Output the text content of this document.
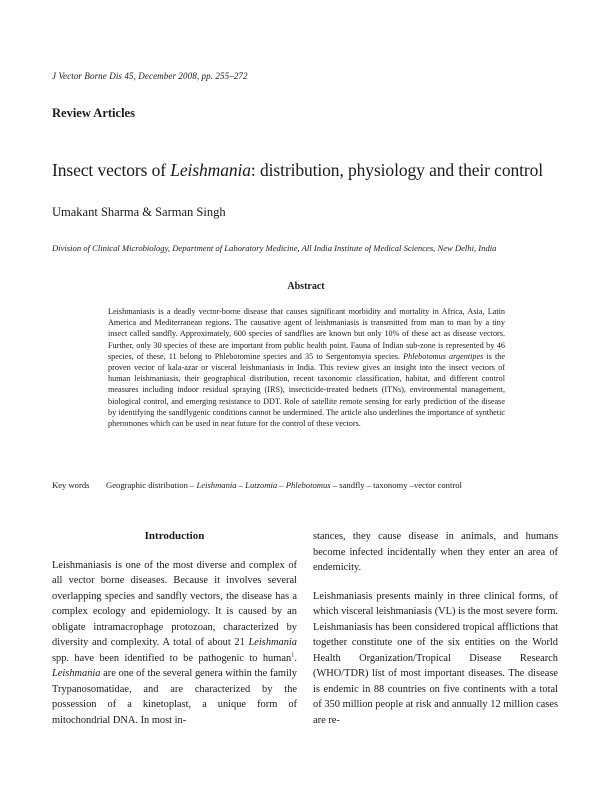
J Vector Borne Dis 45, December 2008, pp. 255–272
Review Articles
Insect vectors of Leishmania: distribution, physiology and their control
Umakant Sharma & Sarman Singh
Division of Clinical Microbiology, Department of Laboratory Medicine, All India Institute of Medical Sciences, New Delhi, India
Abstract
Leishmaniasis is a deadly vector-borne disease that causes significant morbidity and mortality in Africa, Asia, Latin America and Mediterranean regions. The causative agent of leishmaniasis is transmitted from man to man by a tiny insect called sandfly. Approximately, 600 species of sandflies are known but only 10% of these act as disease vectors. Further, only 30 species of these are important from public health point. Fauna of Indian sub-zone is represented by 46 species, of these, 11 belong to Phlebotomine species and 35 to Sergentomyia species. Phlebotomus argentipes is the proven vector of kala-azar or visceral leishmaniasis in India. This review gives an insight into the insect vectors of human leishmaniasis, their geographical distribution, recent taxonomic classification, habitat, and different control measures including indoor residual spraying (IRS), insecticide-treated bednets (ITNs), environmental management, biological control, and emerging resistance to DDT. Role of satellite remote sensing for early prediction of the disease by identifying the sandflygenic conditions cannot be undermined. The article also underlines the importance of synthetic pheromones which can be used in near future for the control of these vectors.
Key words Geographic distribution – Leishmania – Lutzomia – Phlebotomus – sandfly – taxonomy –vector control
Introduction

Leishmaniasis is one of the most diverse and complex of all vector borne diseases. Because it involves several overlapping species and sandfly vectors, the disease has a complex ecology and epidemiology. It is caused by an obligate intramacrophage protozoan, characterized by diversity and complexity. A total of about 21 Leishmania spp. have been identified to be pathogenic to human$^1$. Leishmania are one of the several genera within the family Trypanosomatidae, and are characterized by the possession of a kinetoplast, a unique form of mitochondrial DNA. In most in-

stances, they cause disease in animals, and humans become infected incidentally when they enter an area of endemicity.

Leishmaniasis presents mainly in three clinical forms, of which visceral leishmaniasis (VL) is the most severe form. Leishmaniasis has been considered tropical afflictions that together constitute one of the six entities on the World Health Organization/Tropical Disease Research (WHO/TDR) list of most important diseases. The disease is endemic in 88 countries on five continents with a total of 350 million people at risk and annually 12 million cases are re-
